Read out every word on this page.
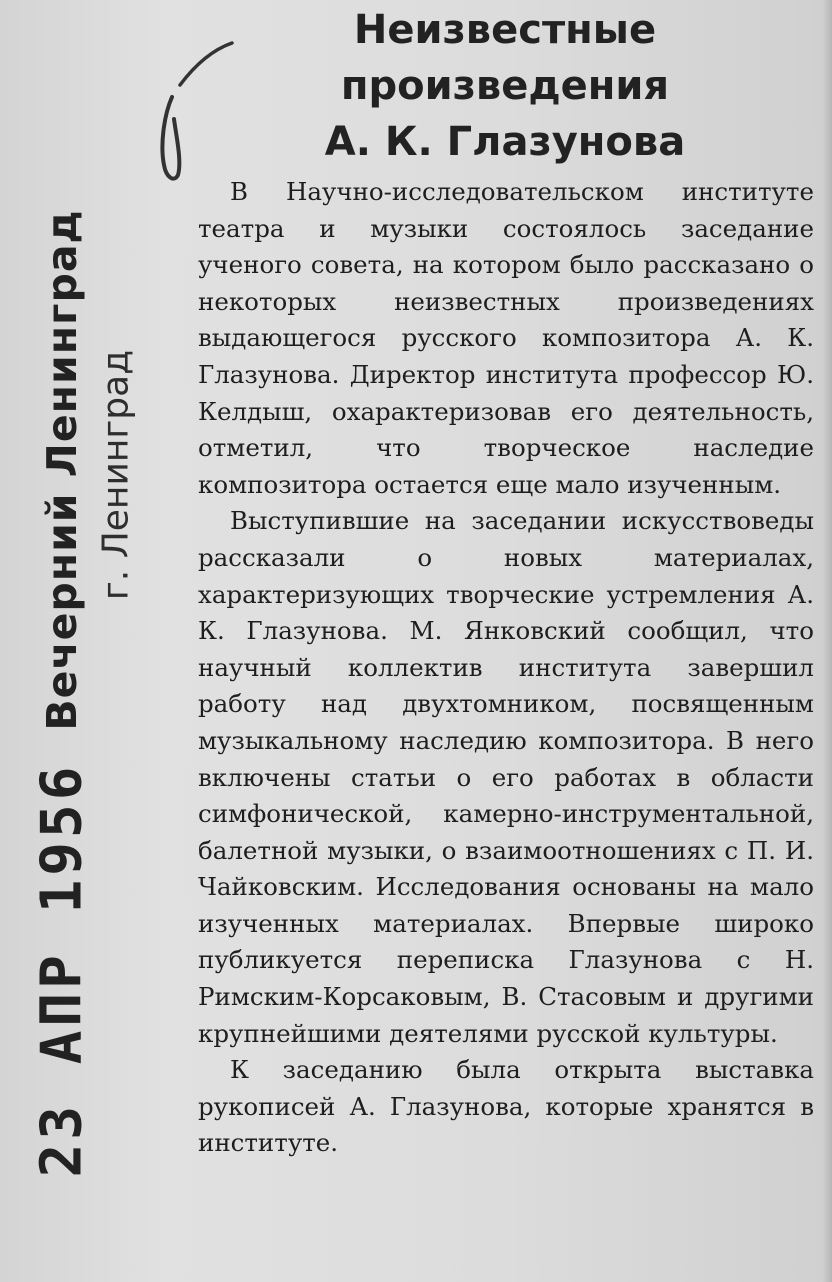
Вечерний Ленинград г. Ленинград
23 АПР 1956
Неизвестные
произведения
А. К. Глазунова

В Научно-исследовательском институте театра и музыки состоялось заседание ученого совета, на котором было рассказано о некоторых неизвестных произведениях выдающегося русского композитора А. К. Глазунова. Директор института профессор Ю. Келдыш, охарактеризовав его деятельность, отметил, что творческое наследие композитора остается еще мало изученным.

Выступившие на заседании искусствоведы рассказали о новых материалах, характеризующих творческие устремления А. К. Глазунова. М. Янковский сообщил, что научный коллектив института завершил работу над двухтомником, посвященным музыкальному наследию композитора. В него включены статьи о его работах в области симфонической, камерно-инструментальной, балетной музыки, о взаимоотношениях с П. И. Чайковским. Исследования основаны на мало изученных материалах. Впервые широко публикуется переписка Глазунова с Н. Римским-Корсаковым, В. Стасовым и другими крупнейшими деятелями русской культуры.

К заседанию была открыта выставка рукописей А. Глазунова, которые хранятся в институте.
